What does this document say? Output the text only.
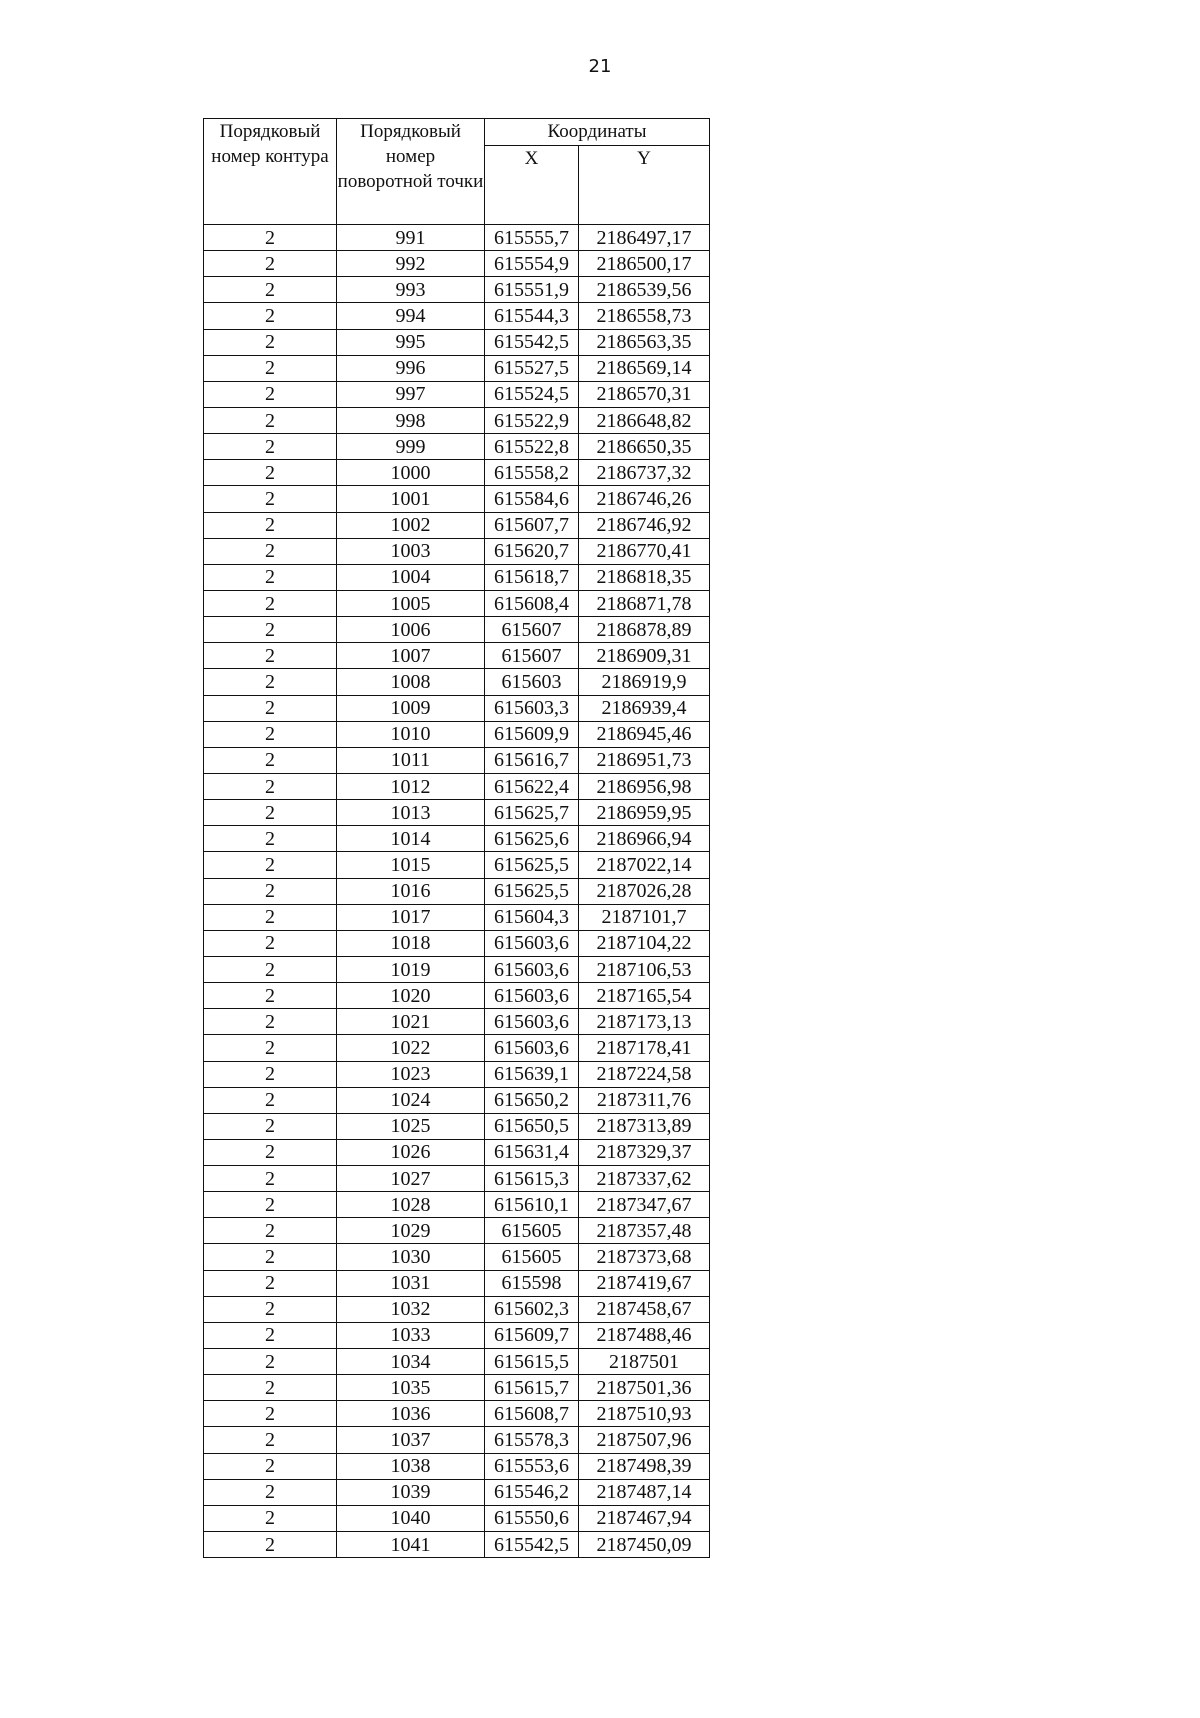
21
Порядковый номер контура	Порядковый номер поворотной точки	Координаты	
		X	Y
2	991	615555,7	2186497,17
2	992	615554,9	2186500,17
2	993	615551,9	2186539,56
2	994	615544,3	2186558,73
2	995	615542,5	2186563,35
2	996	615527,5	2186569,14
2	997	615524,5	2186570,31
2	998	615522,9	2186648,82
2	999	615522,8	2186650,35
2	1000	615558,2	2186737,32
2	1001	615584,6	2186746,26
2	1002	615607,7	2186746,92
2	1003	615620,7	2186770,41
2	1004	615618,7	2186818,35
2	1005	615608,4	2186871,78
2	1006	615607	2186878,89
2	1007	615607	2186909,31
2	1008	615603	2186919,9
2	1009	615603,3	2186939,4
2	1010	615609,9	2186945,46
2	1011	615616,7	2186951,73
2	1012	615622,4	2186956,98
2	1013	615625,7	2186959,95
2	1014	615625,6	2186966,94
2	1015	615625,5	2187022,14
2	1016	615625,5	2187026,28
2	1017	615604,3	2187101,7
2	1018	615603,6	2187104,22
2	1019	615603,6	2187106,53
2	1020	615603,6	2187165,54
2	1021	615603,6	2187173,13
2	1022	615603,6	2187178,41
2	1023	615639,1	2187224,58
2	1024	615650,2	2187311,76
2	1025	615650,5	2187313,89
2	1026	615631,4	2187329,37
2	1027	615615,3	2187337,62
2	1028	615610,1	2187347,67
2	1029	615605	2187357,48
2	1030	615605	2187373,68
2	1031	615598	2187419,67
2	1032	615602,3	2187458,67
2	1033	615609,7	2187488,46
2	1034	615615,5	2187501
2	1035	615615,7	2187501,36
2	1036	615608,7	2187510,93
2	1037	615578,3	2187507,96
2	1038	615553,6	2187498,39
2	1039	615546,2	2187487,14
2	1040	615550,6	2187467,94
2	1041	615542,5	2187450,09
